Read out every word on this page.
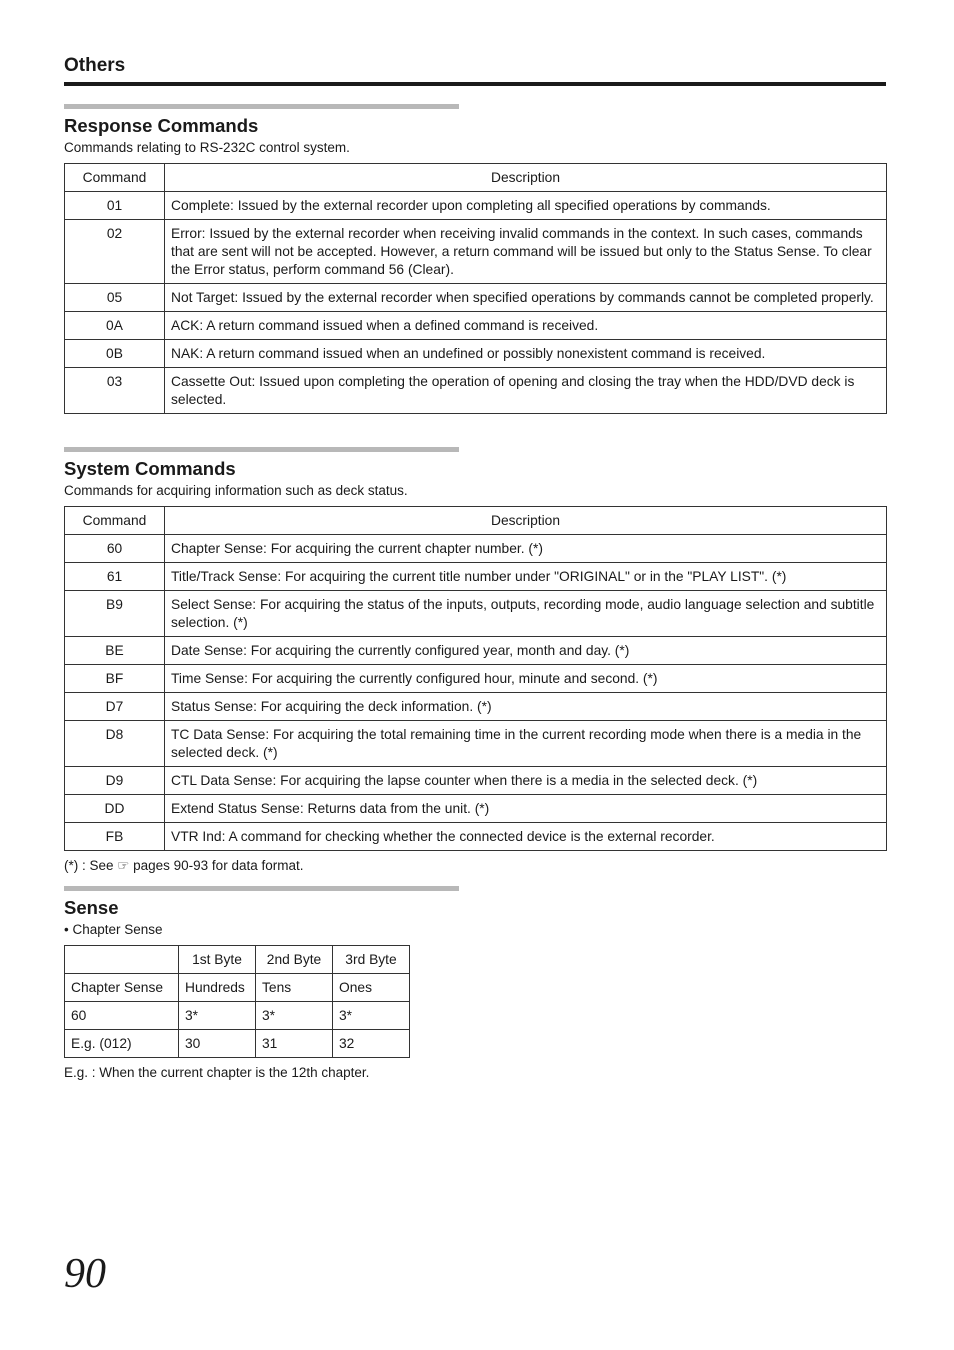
Others
Response Commands
Commands relating to RS-232C control system.
Command	Description
01	Complete: Issued by the external recorder upon completing all specified operations by commands.
02	Error: Issued by the external recorder when receiving invalid commands in the context. In such cases, commands that are sent will not be accepted. However, a return command will be issued but only to the Status Sense. To clear the Error status, perform command 56 (Clear).
05	Not Target: Issued by the external recorder when specified operations by commands cannot be completed properly.
0A	ACK: A return command issued when a defined command is received.
0B	NAK: A return command issued when an undefined or possibly nonexistent command is received.
03	Cassette Out: Issued upon completing the operation of opening and closing the tray when the HDD/DVD deck is selected.
System Commands
Commands for acquiring information such as deck status.
Command	Description
60	Chapter Sense: For acquiring the current chapter number. (*)
61	Title/Track Sense: For acquiring the current title number under "ORIGINAL" or in the "PLAY LIST". (*)
B9	Select Sense: For acquiring the status of the inputs, outputs, recording mode, audio language selection and subtitle selection. (*)
BE	Date Sense: For acquiring the currently configured year, month and day. (*)
BF	Time Sense: For acquiring the currently configured hour, minute and second. (*)
D7	Status Sense: For acquiring the deck information. (*)
D8	TC Data Sense: For acquiring the total remaining time in the current recording mode when there is a media in the selected deck. (*)
D9	CTL Data Sense: For acquiring the lapse counter when there is a media in the selected deck. (*)
DD	Extend Status Sense: Returns data from the unit. (*)
FB	VTR Ind: A command for checking whether the connected device is the external recorder.
(*) : See ☞ pages 90-93 for data format.
Sense
• Chapter Sense
	1st Byte	2nd Byte	3rd Byte
Chapter Sense	Hundreds	Tens	Ones
60	3*	3*	3*
E.g. (012)	30	31	32
E.g. : When the current chapter is the 12th chapter.
90
